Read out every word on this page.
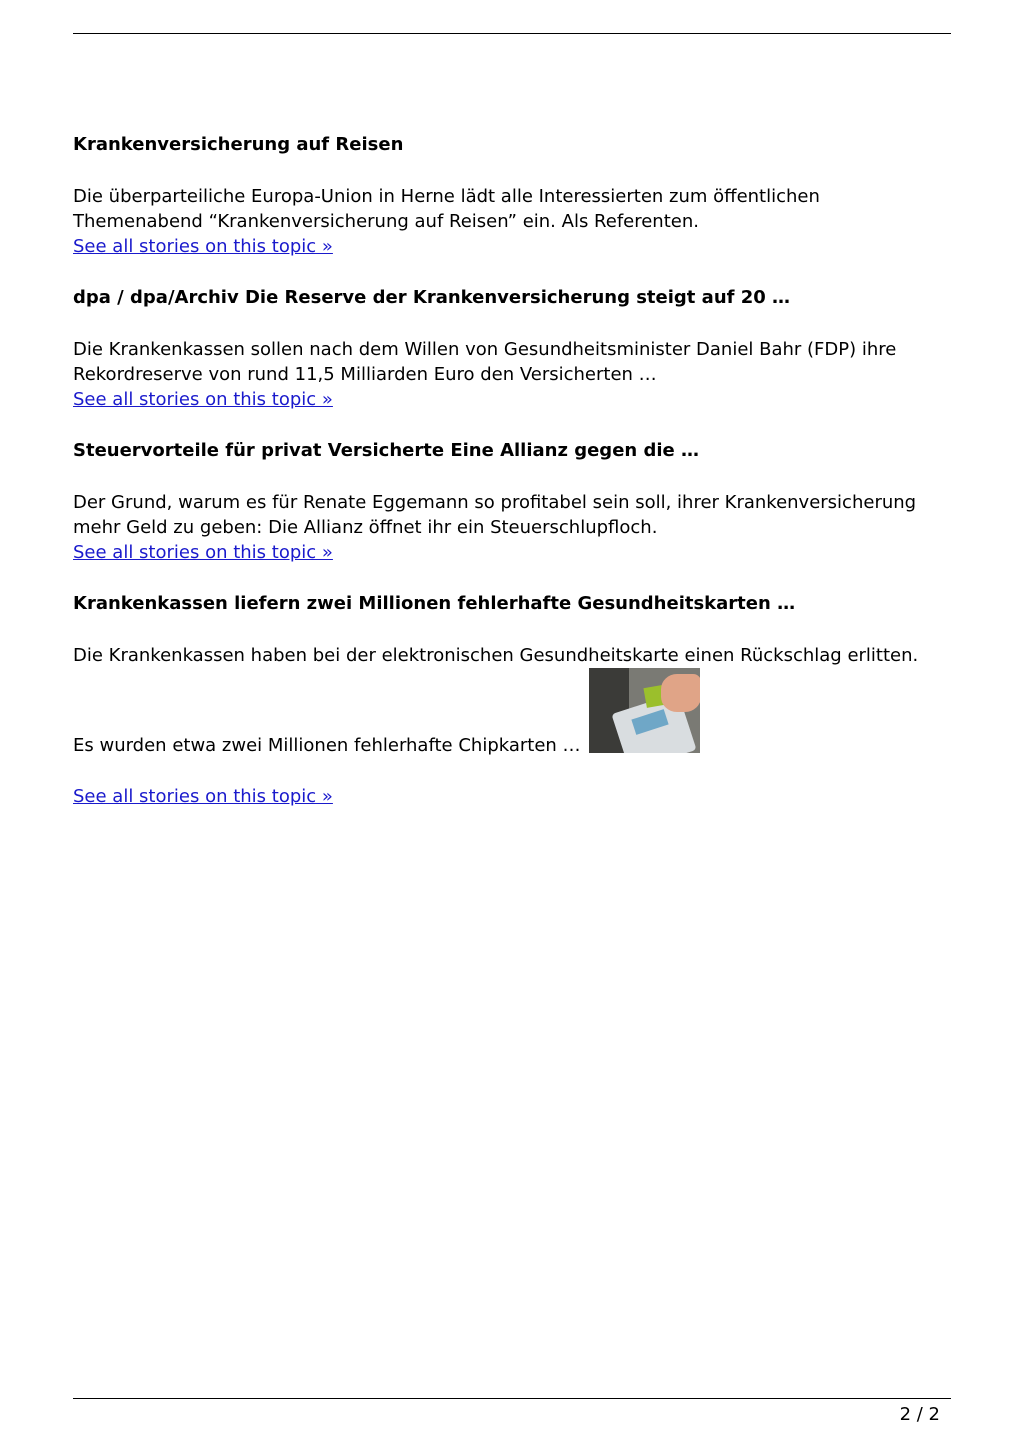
Krankenversicherung auf Reisen

Die überparteiliche Europa-Union in Herne lädt alle Interessierten zum öffentlichen

Themenabend “Krankenversicherung auf Reisen” ein. Als Referenten.

See all stories on this topic »

dpa / dpa/Archiv Die Reserve der Krankenversicherung steigt auf 20 …

Die Krankenkassen sollen nach dem Willen von Gesundheitsminister Daniel Bahr (FDP) ihre

Rekordreserve von rund 11,5 Milliarden Euro den Versicherten …

See all stories on this topic »

Steuervorteile für privat Versicherte Eine Allianz gegen die …

Der Grund, warum es für Renate Eggemann so profitabel sein soll, ihrer Krankenversicherung

mehr Geld zu geben: Die Allianz öffnet ihr ein Steuerschlupfloch.

See all stories on this topic »

Krankenkassen liefern zwei Millionen fehlerhafte Gesundheitskarten …

Die Krankenkassen haben bei der elektronischen Gesundheitskarte einen Rückschlag erlitten.

Es wurden etwa zwei Millionen fehlerhafte Chipkarten …
See all stories on this topic »
2 / 2
